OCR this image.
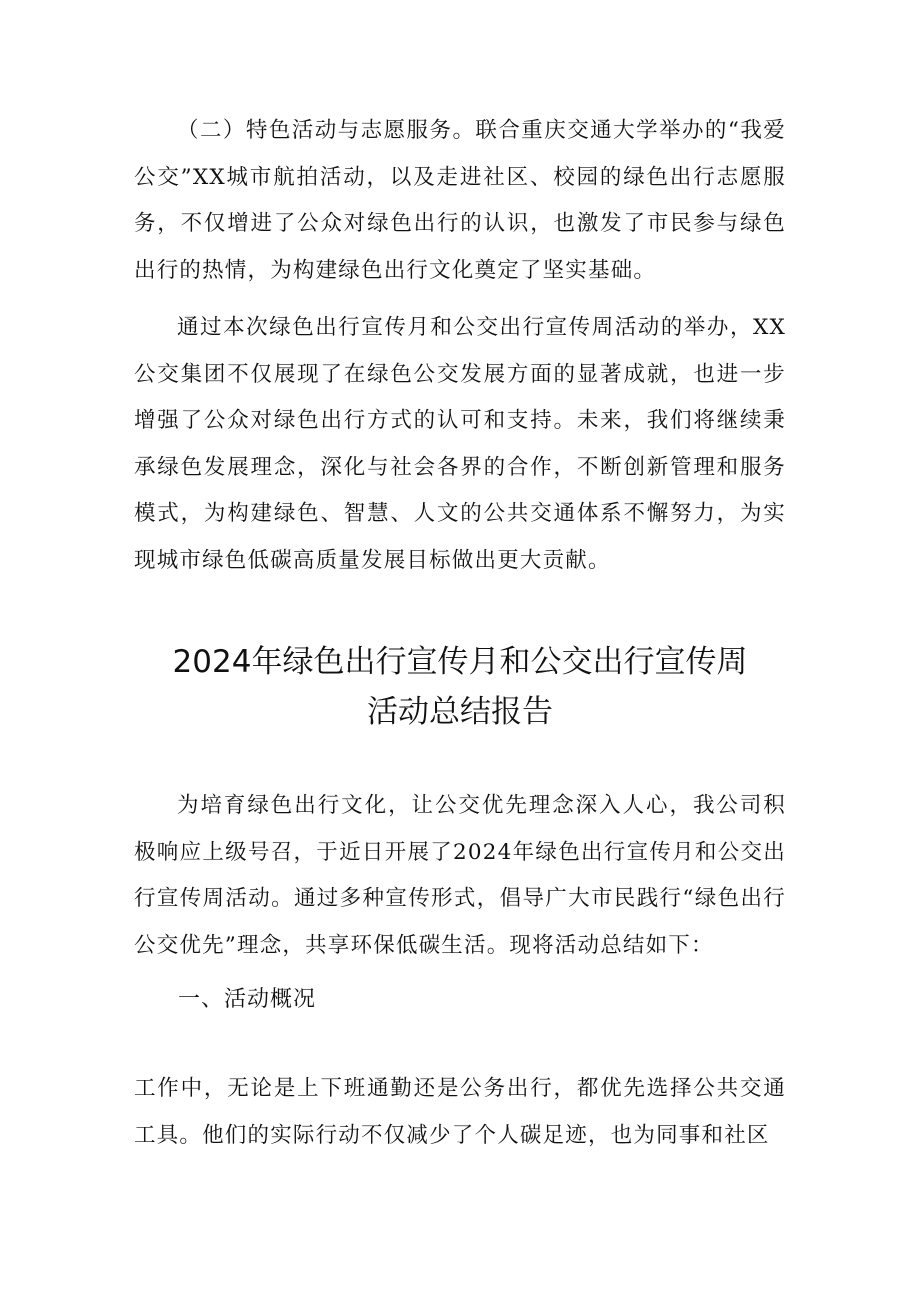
（二）特色活动与志愿服务。联合重庆交通大学举办的“我爱公交”XX城市航拍活动，以及走进社区、校园的绿色出行志愿服务，不仅增进了公众对绿色出行的认识，也激发了市民参与绿色出行的热情，为构建绿色出行文化奠定了坚实基础。

通过本次绿色出行宣传月和公交出行宣传周活动的举办，XX公交集团不仅展现了在绿色公交发展方面的显著成就，也进一步增强了公众对绿色出行方式的认可和支持。未来，我们将继续秉承绿色发展理念，深化与社会各界的合作，不断创新管理和服务模式，为构建绿色、智慧、人文的公共交通体系不懈努力，为实现城市绿色低碳高质量发展目标做出更大贡献。

2024年绿色出行宣传月和公交出行宣传周
活动总结报告

为培育绿色出行文化，让公交优先理念深入人心，我公司积极响应上级号召，于近日开展了2024年绿色出行宣传月和公交出行宣传周活动。通过多种宣传形式，倡导广大市民践行“绿色出行公交优先”理念，共享环保低碳生活。现将活动总结如下：

一、活动概况

工作中，无论是上下班通勤还是公务出行，都优先选择公共交通工具。他们的实际行动不仅减少了个人碳足迹，也为同事和社区
